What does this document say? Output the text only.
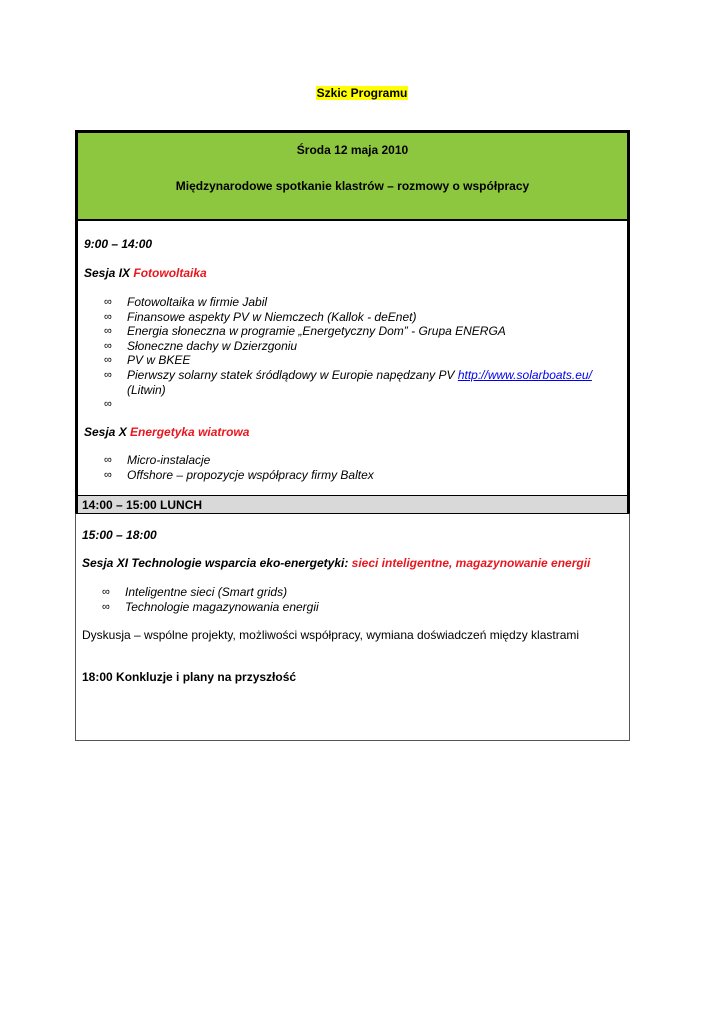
Szkic Programu
Środa 12 maja 2010
Międzynarodowe spotkanie klastrów – rozmowy o współpracy
9:00 – 14:00
Sesja IX Fotowoltaika
∞ Fotowoltaika w firmie Jabil
∞ Finansowe aspekty PV w Niemczech (Kallok - deEnet)
∞ Energia słoneczna w programie „Energetyczny Dom” - Grupa ENERGA
∞ Słoneczne dachy w Dzierzgoniu
∞ PV w BKEE
∞ Pierwszy solarny statek śródlądowy w Europie napędzany PV http://www.solarboats.eu/
(Litwin)
∞
Sesja X Energetyka wiatrowa
∞ Micro-instalacje
∞ Offshore – propozycje współpracy firmy Baltex
14:00 – 15:00 LUNCH
15:00 – 18:00
Sesja XI Technologie wsparcia eko-energetyki: sieci inteligentne, magazynowanie energii
∞ Inteligentne sieci (Smart grids)
∞ Technologie magazynowania energii
Dyskusja – wspólne projekty, możliwości współpracy, wymiana doświadczeń między klastrami
18:00 Konkluzje i plany na przyszłość
